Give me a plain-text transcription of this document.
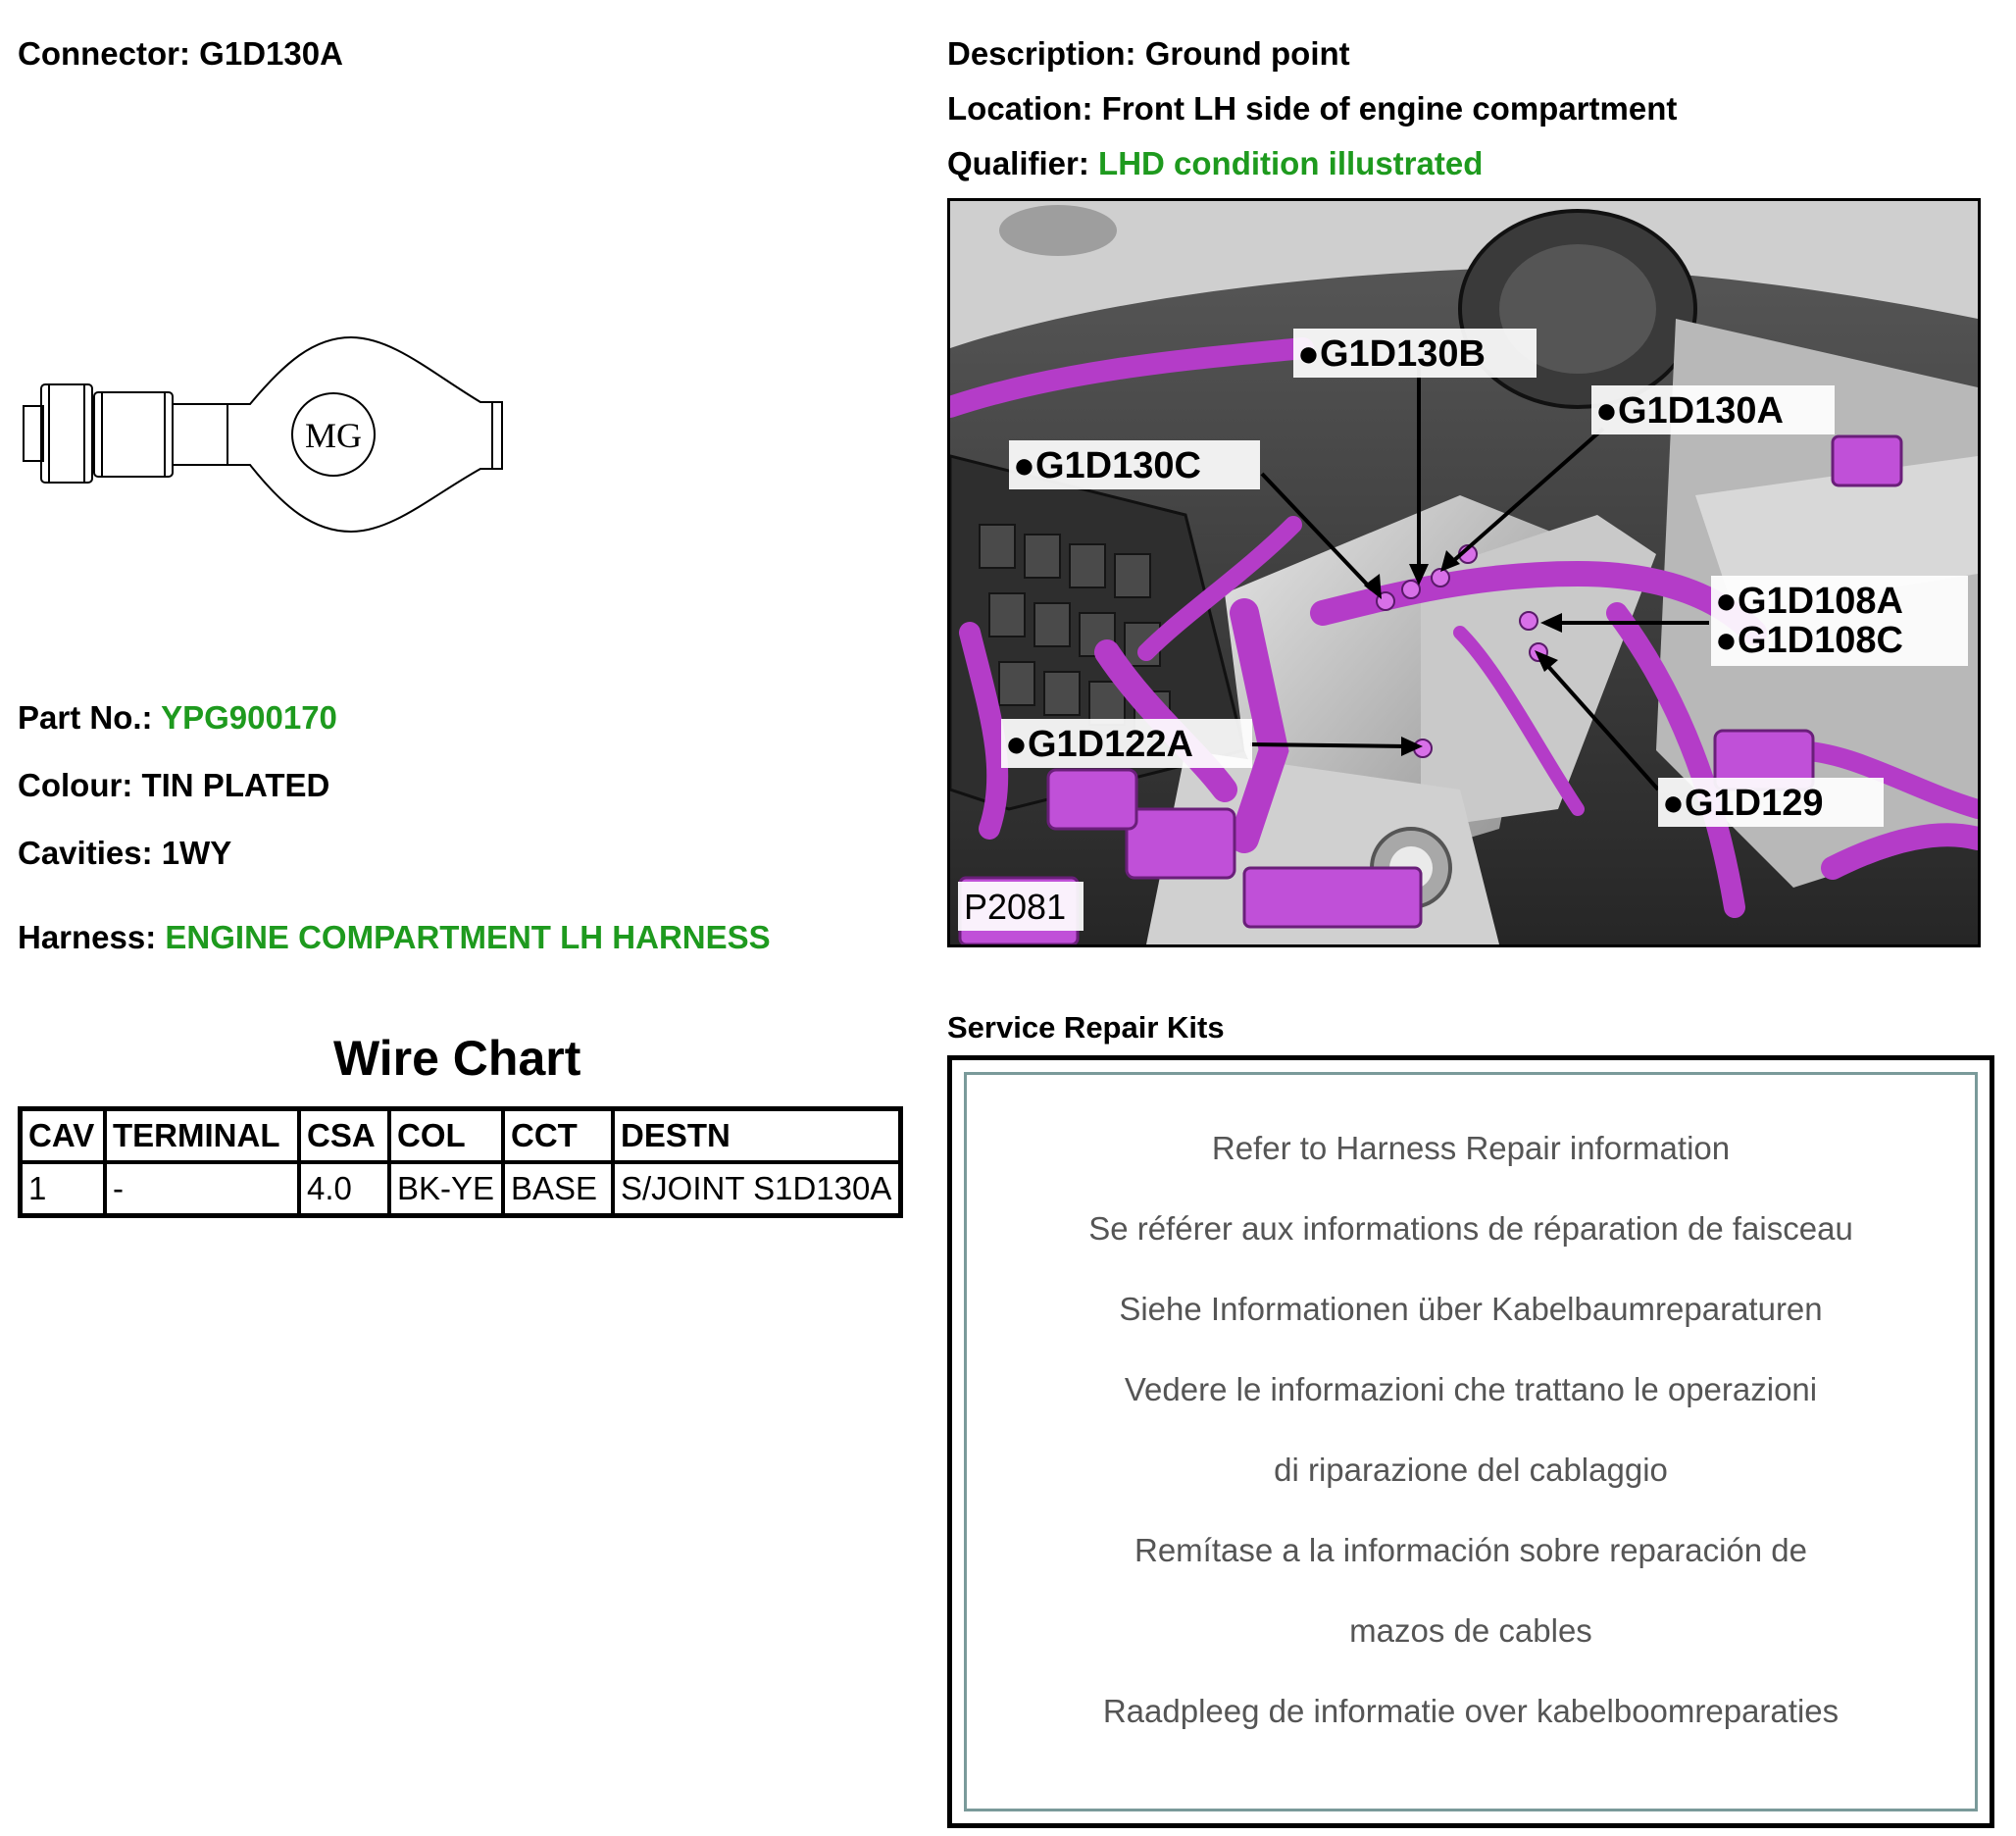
Connector: G1D130A
MG
Part No.: YPG900170
Colour: TIN PLATED
Cavities: 1WY
Harness: ENGINE COMPARTMENT LH HARNESS
Wire Chart
CAV	TERMINAL	CSA	COL	CCT	DESTN
1	-	4.0	BK-YE	BASE	S/JOINT S1D130A
Description: Ground point
Location: Front LH side of engine compartment
Qualifier: LHD condition illustrated
●G1D130B
●G1D130A
●G1D130C
●G1D108A
●G1D108C
●G1D122A
●G1D129
P2081
Service Repair Kits
Refer to Harness Repair information
Se référer aux informations de réparation de faisceau
Siehe Informationen über Kabelbaumreparaturen
Vedere le informazioni che trattano le operazioni
di riparazione del cablaggio
Remítase a la información sobre reparación de
mazos de cables
Raadpleeg de informatie over kabelboomreparaties
